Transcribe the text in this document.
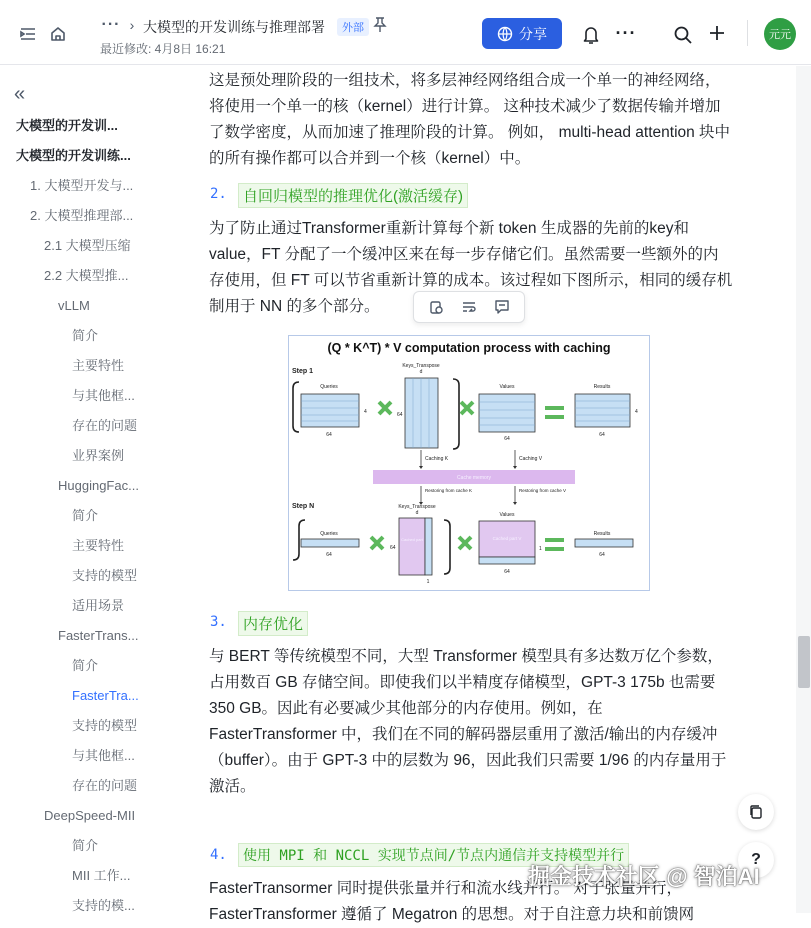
··· › 大模型的开发训练与推理部署	外部
最近修改: 4月8日 16:21
分享	···	元元
«
大模型的开发训...
大模型的开发训练...
1. 大模型开发与...
2. 大模型推理部...
2.1 大模型压缩
2.2 大模型推...
vLLM
简介
主要特性
与其他框...
存在的问题
业界案例
HuggingFac...
简介
主要特性
支持的模型
适用场景
FasterTrans...
简介
FasterTra...
支持的模型
与其他框...
存在的问题
DeepSpeed-MII
简介
MII 工作...
支持的模...
这是预处理阶段的一组技术，将多层神经网络组合成一个单一的神经网络，将使用一个单一的核（kernel）进行计算。 这种技术减少了数据传输并增加了数学密度，从而加速了推理阶段的计算。 例如， multi-head attention 块中的所有操作都可以合并到一个核（kernel）中。
2.	自回归模型的推理优化(激活缓存)
为了防止通过Transformer重新计算每个新 token 生成器的先前的key和value，FT 分配了一个缓冲区来在每一步存储它们。虽然需要一些额外的内存使用，但 FT 可以节省重新计算的成本。该过程如下图所示，相同的缓存机制用于 NN 的多个部分。
(Q * K^T) * V computation process with caching
Step 1
Queries
64
4
Keys_Transpose
d
64
Values
64
Results
64
4
Caching K	Caching V
Cache memory
Restoring from cache K	Restoring from cache V
Step N
Queries
64
Keys_Transpose
d
Cached part
64
1
Values
Cached part V
64
1
Results
64
3.	内存优化
与 BERT 等传统模型不同，大型 Transformer 模型具有多达数万亿个参数，占用数百 GB 存储空间。即使我们以半精度存储模型，GPT-3 175b 也需要 350 GB。因此有必要减少其他部分的内存使用。例如，在 FasterTransformer 中，我们在不同的解码器层重用了激活/输出的内存缓冲（buffer）。由于 GPT-3 中的层数为 96，因此我们只需要 1/96 的内存量用于激活。
4.	使用 MPI 和 NCCL 实现节点间/节点内通信并支持模型并行
FasterTransormer 同时提供张量并行和流水线并行。 对于张量并行，
FasterTransformer 遵循了 Megatron 的思想。对于自注意力块和前馈网
?
掘金技术社区 @ 智泊AI
